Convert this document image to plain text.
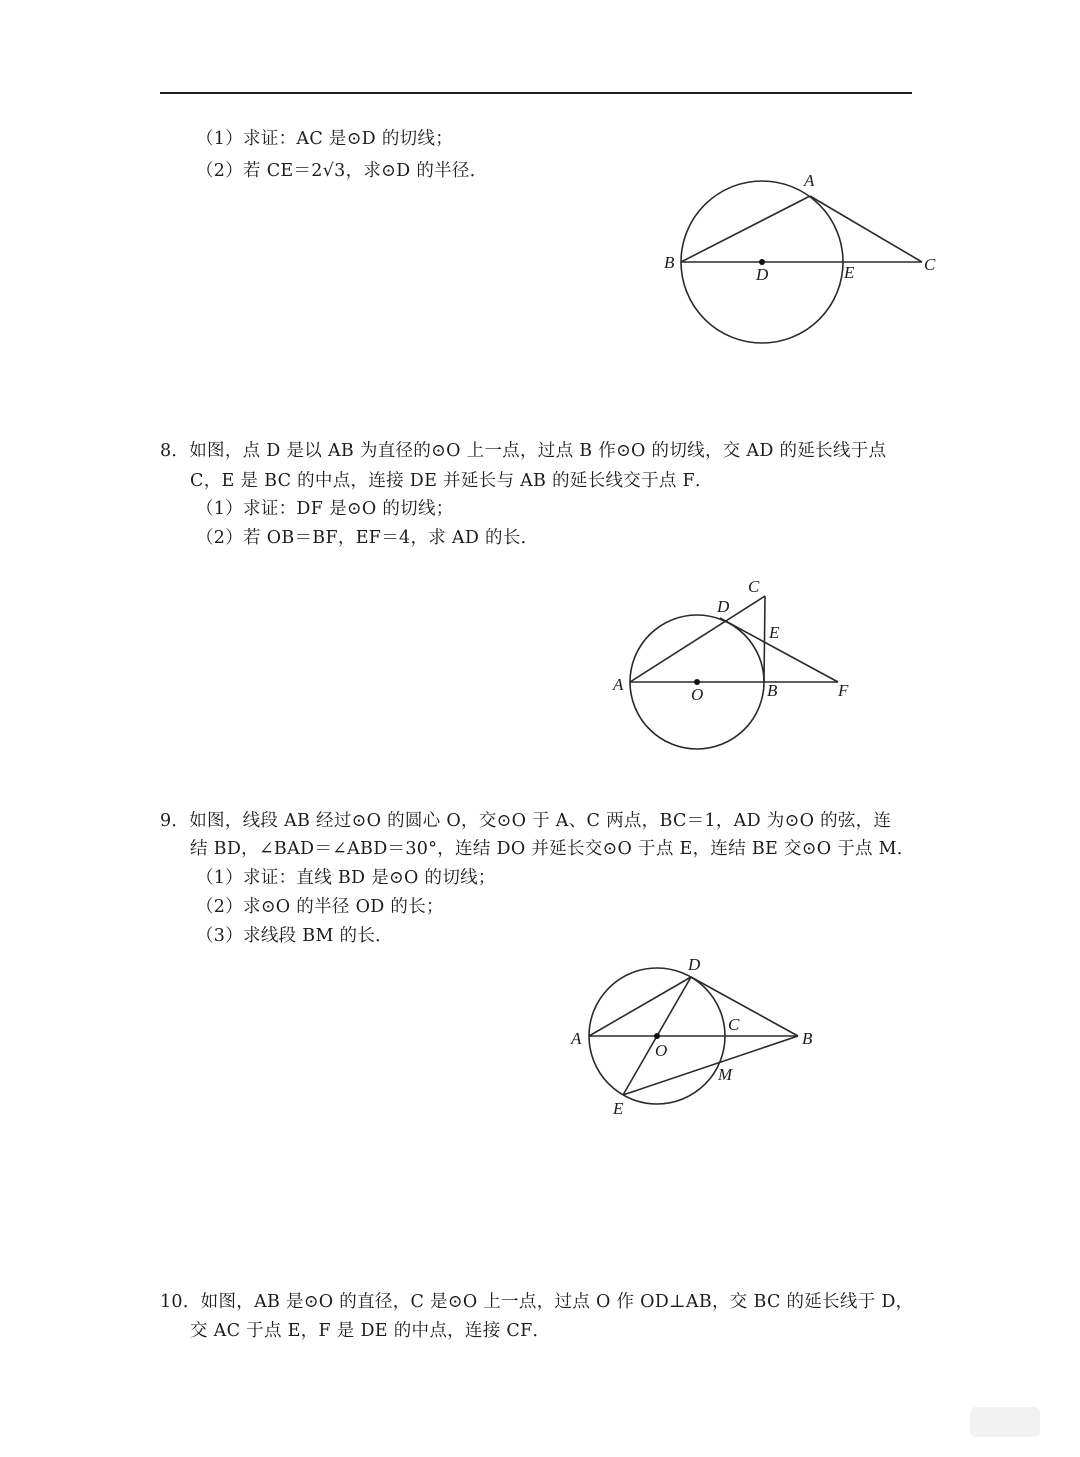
（1）求证：AC 是⊙D 的切线；
（2）若 CE＝2√3，求⊙D 的半径．	A
B
D	E	C
8．如图，点 D 是以 AB 为直径的⊙O 上一点，过点 B 作⊙O 的切线，交 AD 的延长线于点
C，E 是 BC 的中点，连接 DE 并延长与 AB 的延长线交于点 F．
（1）求证：DF 是⊙O 的切线；
（2）若 OB＝BF，EF＝4，求 AD 的长．
C
D
E
A
O	B	F
9．如图，线段 AB 经过⊙O 的圆心 O，交⊙O 于 A、C 两点，BC＝1，AD 为⊙O 的弦，连
结 BD，∠BAD＝∠ABD＝30°，连结 DO 并延长交⊙O 于点 E，连结 BE 交⊙O 于点 M．
（1）求证：直线 BD 是⊙O 的切线；
（2）求⊙O 的半径 OD 的长；
（3）求线段 BM 的长．
D
C
A
O
B
M
E
10．如图，AB 是⊙O 的直径，C 是⊙O 上一点，过点 O 作 OD⊥AB，交 BC 的延长线于 D，
交 AC 于点 E，F 是 DE 的中点，连接 CF．
